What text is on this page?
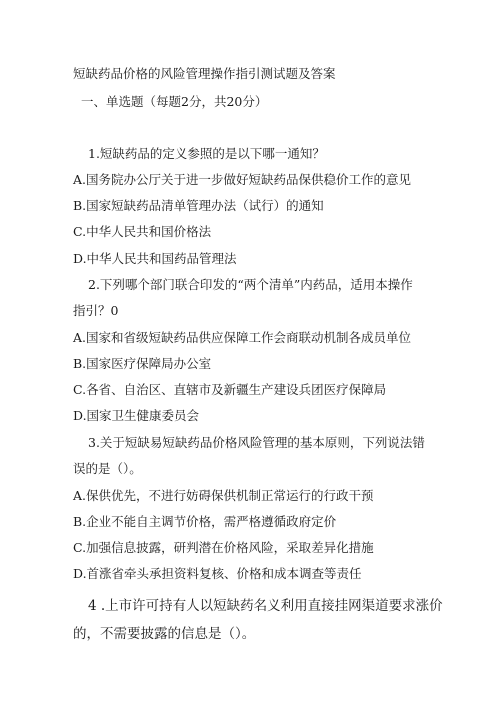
短缺药品价格的风险管理操作指引测试题及答案
一、单选题（每题2分，共20分）
1.短缺药品的定义参照的是以下哪一通知？
A.国务院办公厅关于进一步做好短缺药品保供稳价工作的意见
B.国家短缺药品清单管理办法（试行）的通知
C.中华人民共和国价格法
D.中华人民共和国药品管理法
2.下列哪个部门联合印发的“两个清单”内药品，适用本操作
指引？0
A.国家和省级短缺药品供应保障工作会商联动机制各成员单位
B.国家医疗保障局办公室
C.各省、自治区、直辖市及新疆生产建设兵团医疗保障局
D.国家卫生健康委员会
3.关于短缺易短缺药品价格风险管理的基本原则，下列说法错
误的是（）。
A.保供优先，不进行妨碍保供机制正常运行的行政干预
B.企业不能自主调节价格，需严格遵循政府定价
C.加强信息披露，研判潜在价格风险，采取差异化措施
D.首涨省牵头承担资料复核、价格和成本调查等责任
4 .上市许可持有人以短缺药名义利用直接挂网渠道要求涨价
的，不需要披露的信息是（）。
